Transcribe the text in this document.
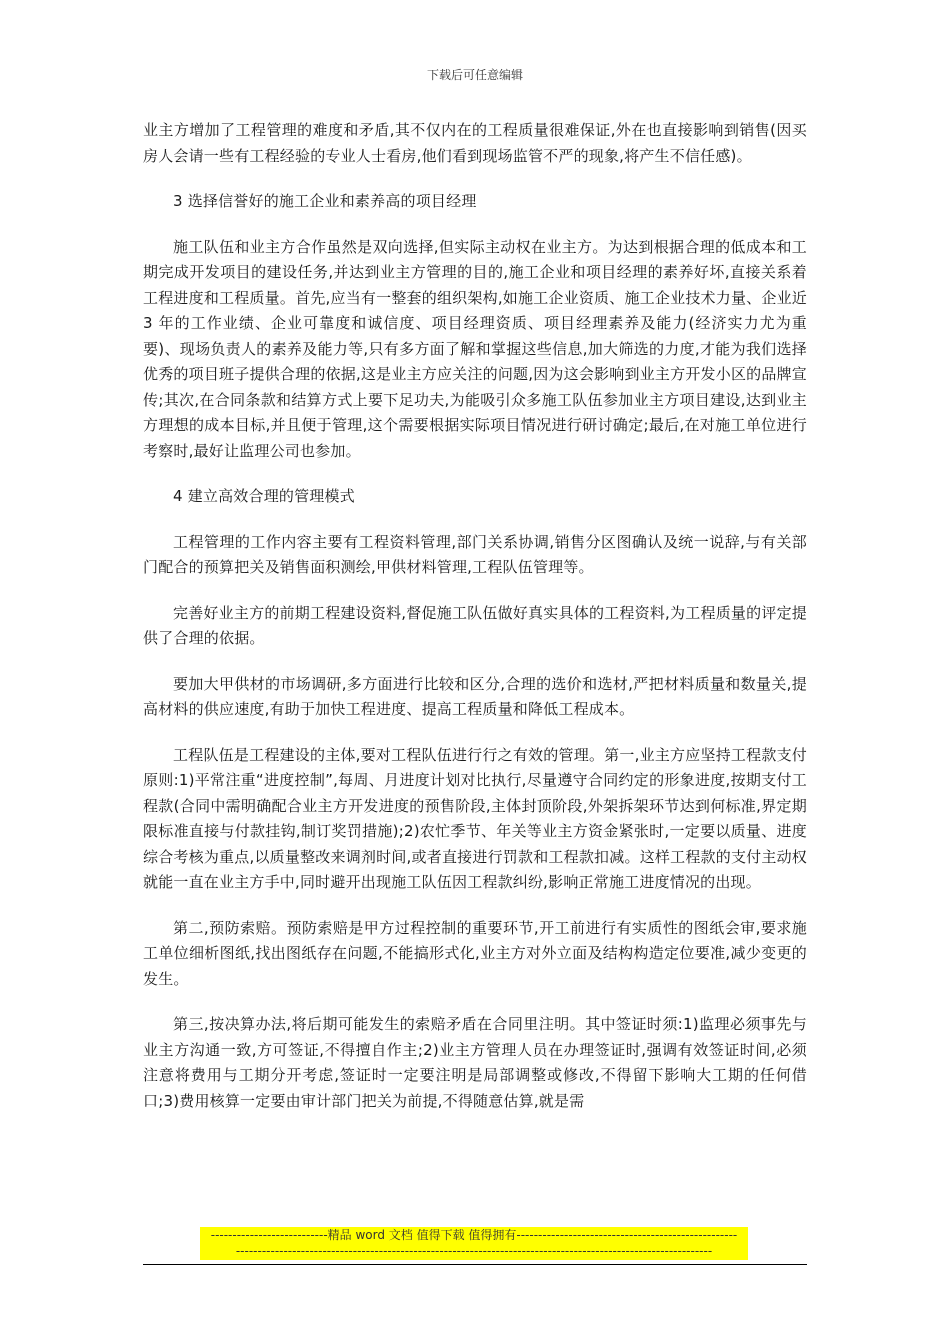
下载后可任意编辑

业主方增加了工程管理的难度和矛盾,其不仅内在的工程质量很难保证,外在也直接影响到销售(因买房人会请一些有工程经验的专业人士看房,他们看到现场监管不严的现象,将产生不信任感)。

3 选择信誉好的施工企业和素养高的项目经理

施工队伍和业主方合作虽然是双向选择,但实际主动权在业主方。为达到根据合理的低成本和工期完成开发项目的建设任务,并达到业主方管理的目的,施工企业和项目经理的素养好坏,直接关系着工程进度和工程质量。首先,应当有一整套的组织架构,如施工企业资质、施工企业技术力量、企业近 3 年的工作业绩、企业可靠度和诚信度、项目经理资质、项目经理素养及能力(经济实力尤为重要)、现场负责人的素养及能力等,只有多方面了解和掌握这些信息,加大筛选的力度,才能为我们选择优秀的项目班子提供合理的依据,这是业主方应关注的问题,因为这会影响到业主方开发小区的品牌宣传;其次,在合同条款和结算方式上要下足功夫,为能吸引众多施工队伍参加业主方项目建设,达到业主方理想的成本目标,并且便于管理,这个需要根据实际项目情况进行研讨确定;最后,在对施工单位进行考察时,最好让监理公司也参加。

4 建立高效合理的管理模式

工程管理的工作内容主要有工程资料管理,部门关系协调,销售分区图确认及统一说辞,与有关部门配合的预算把关及销售面积测绘,甲供材料管理,工程队伍管理等。

完善好业主方的前期工程建设资料,督促施工队伍做好真实具体的工程资料,为工程质量的评定提供了合理的依据。

要加大甲供材的市场调研,多方面进行比较和区分,合理的选价和选材,严把材料质量和数量关,提高材料的供应速度,有助于加快工程进度、提高工程质量和降低工程成本。

工程队伍是工程建设的主体,要对工程队伍进行行之有效的管理。第一,业主方应坚持工程款支付原则:1)平常注重“进度控制”,每周、月进度计划对比执行,尽量遵守合同约定的形象进度,按期支付工程款(合同中需明确配合业主方开发进度的预售阶段,主体封顶阶段,外架拆架环节达到何标准,界定期限标准直接与付款挂钩,制订奖罚措施);2)农忙季节、年关等业主方资金紧张时,一定要以质量、进度综合考核为重点,以质量整改来调剂时间,或者直接进行罚款和工程款扣减。这样工程款的支付主动权就能一直在业主方手中,同时避开出现施工队伍因工程款纠纷,影响正常施工进度情况的出现。

第二,预防索赔。预防索赔是甲方过程控制的重要环节,开工前进行有实质性的图纸会审,要求施工单位细析图纸,找出图纸存在问题,不能搞形式化,业主方对外立面及结构构造定位要准,减少变更的发生。

第三,按决算办法,将后期可能发生的索赔矛盾在合同里注明。其中签证时须:1)监理必须事先与业主方沟通一致,方可签证,不得擅自作主;2)业主方管理人员在办理签证时,强调有效签证时间,必须注意将费用与工期分开考虑,签证时一定要注明是局部调整或修改,不得留下影响大工期的任何借口;3)费用核算一定要由审计部门把关为前提,不得随意估算,就是需

---------------------------精品 word 文档 值得下载 值得拥有---------------------------------------------------
--------------------------------------------------------------------------------------------------------------
